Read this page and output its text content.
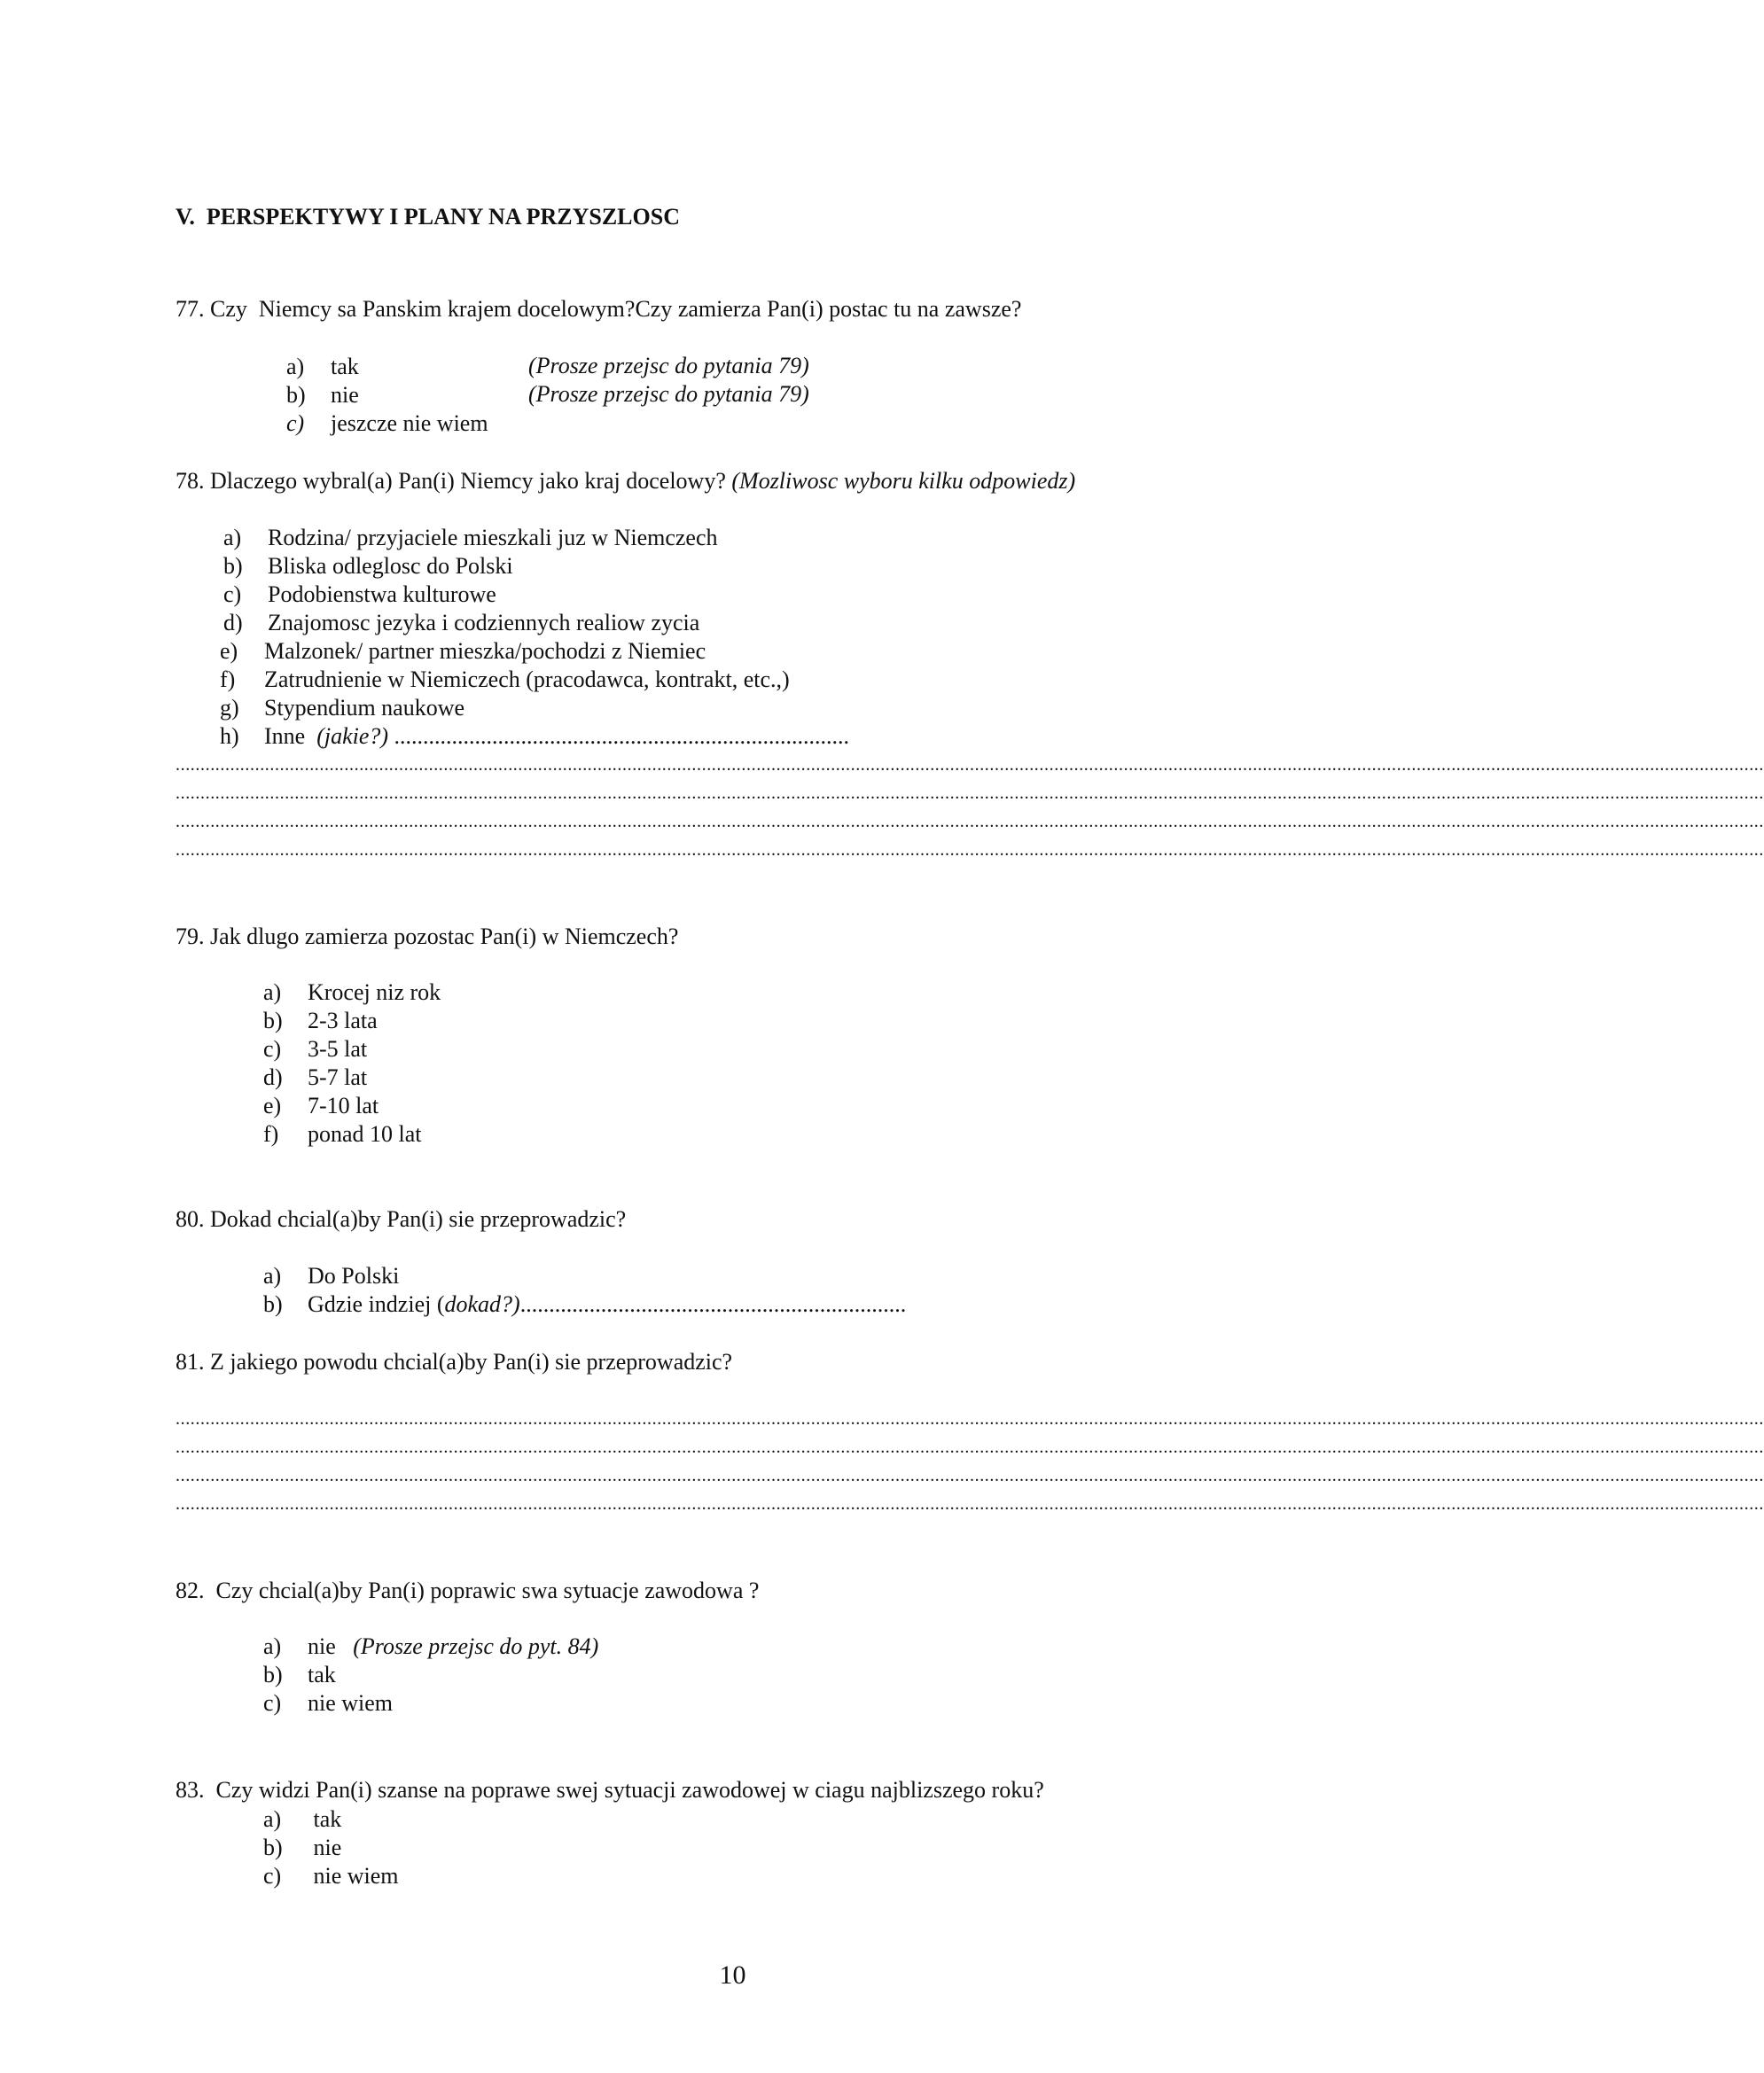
V.  PERSPEKTYWY I PLANY NA PRZYSZLOSC
77. Czy  Niemcy sa Panskim krajem docelowym?Czy zamierza Pan(i) postac tu na zawsze?

a) tak

b) nie

(Prosze przejsc do pytania 79)

c) jeszcze nie wiem

(Prosze przejsc do pytania 79)
78. Dlaczego wybral(a) Pan(i) Niemcy jako kraj docelowy? (Mozliwosc wyboru kilku odpowiedz)
a) Rodzina/ przyjaciele mieszkali juz w Niemczech
b) Bliska odleglosc do Polski
c) Podobienstwa kulturowe
d) Znajomosc jezyka i codziennych realiow zycia
e) Malzonek/ partner mieszka/pochodzi z Niemiec
f) Zatrudnienie w Niemiczech (pracodawca, kontrakt, etc.,)
g) Stypendium naukowe
h) Inne  (jakie?) ...............................................................................
................................................................................................................................................................................................................................................................................................................................
................................................................................................................................................................................................................................................................................................................................
................................................................................................................................................................................................................................................................................................................................
................................................................................................................................................................................................................................................................................................................................
79. Jak dlugo zamierza pozostac Pan(i) w Niemczech?
a) Krocej niz rok
b) 2-3 lata
c) 3-5 lat
d) 5-7 lat
e) 7-10 lat
f) ponad 10 lat
80. Dokad chcial(a)by Pan(i) sie przeprowadzic?
a) Do Polski
b) Gdzie indziej (dokad?)...................................................................
81. Z jakiego powodu chcial(a)by Pan(i) sie przeprowadzic?
................................................................................................................................................................................................................................................................................................................................
................................................................................................................................................................................................................................................................................................................................
................................................................................................................................................................................................................................................................................................................................
................................................................................................................................................................................................................................................................................................................................
82.  Czy chcial(a)by Pan(i) poprawic swa sytuacje zawodowa ?
a) nie   (Prosze przejsc do pyt. 84)
b) tak
c) nie wiem
83.  Czy widzi Pan(i) szanse na poprawe swej sytuacji zawodowej w ciagu najblizszego roku?
a) tak
b) nie
c) nie wiem
10
